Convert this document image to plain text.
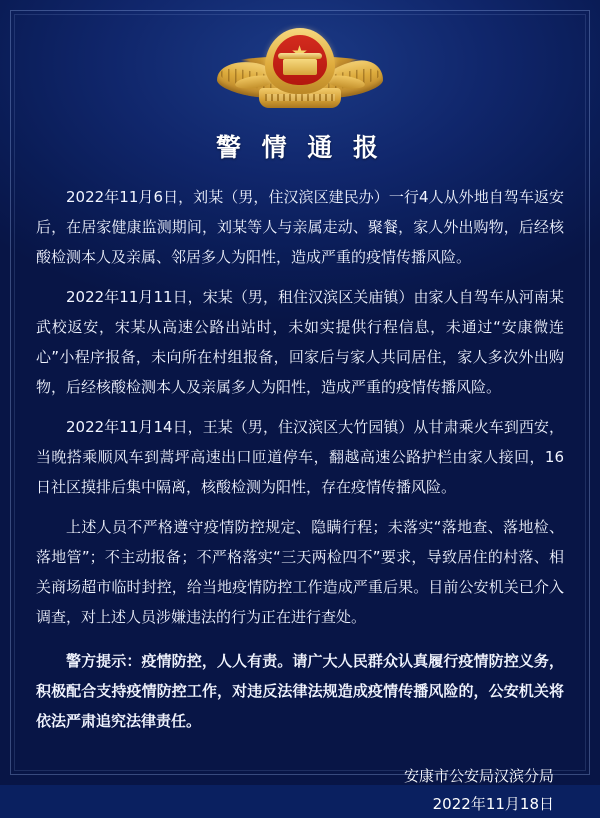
警 情 通 报

2022年11月6日，刘某（男，住汉滨区建民办）一行4人从外地自驾车返安后，在居家健康监测期间，刘某等人与亲属走动、聚餐，家人外出购物，后经核酸检测本人及亲属、邻居多人为阳性，造成严重的疫情传播风险。

2022年11月11日，宋某（男，租住汉滨区关庙镇）由家人自驾车从河南某武校返安，宋某从高速公路出站时，未如实提供行程信息，未通过“安康微连心”小程序报备，未向所在村组报备，回家后与家人共同居住，家人多次外出购物，后经核酸检测本人及亲属多人为阳性，造成严重的疫情传播风险。

2022年11月14日，王某（男，住汉滨区大竹园镇）从甘肃乘火车到西安，当晚搭乘顺风车到蒿坪高速出口匝道停车，翻越高速公路护栏由家人接回，16日社区摸排后集中隔离，核酸检测为阳性，存在疫情传播风险。

上述人员不严格遵守疫情防控规定、隐瞒行程；未落实“落地查、落地检、落地管”；不主动报备；不严格落实“三天两检四不”要求，导致居住的村落、相关商场超市临时封控，给当地疫情防控工作造成严重后果。目前公安机关已介入调查，对上述人员涉嫌违法的行为正在进行查处。

警方提示：疫情防控，人人有责。请广大人民群众认真履行疫情防控义务，积极配合支持疫情防控工作，对违反法律法规造成疫情传播风险的，公安机关将依法严肃追究法律责任。

安康市公安局汉滨分局
2022年11月18日
